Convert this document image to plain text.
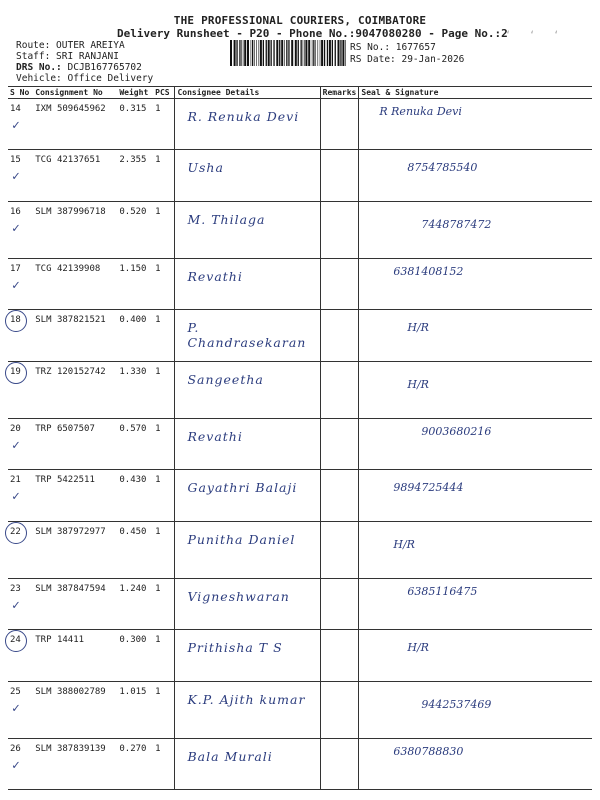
THE PROFESSIONAL COURIERS, COIMBATORE
Delivery Runsheet - P20 - Phone No.:9047080280 - Page No.:2
‘ ‘ ‘
Route: OUTER AREIYA
Staff: SRI RANJANI
DRS No.: DCJB167765702
Vehicle: Office Delivery
RS No.: 1677657
RS Date: 29-Jan-2026
S No	Consignment No	Weight	PCS	Consignee Details	Remarks	Seal & Signature
14	IXM 509645962	0.315	1	R. Renuka Devi		R Renuka Devi
15	TCG 42137651	2.355	1	Usha		8754785540
16	SLM 387996718	0.520	1	M. Thilaga		7448787472
17	TCG 42139908	1.150	1	Revathi		6381408152
18	SLM 387821521	0.400	1	P. Chandrasekaran		H/R
19	TRZ 120152742	1.330	1	Sangeetha		H/R
20	TRP 6507507	0.570	1	Revathi		9003680216
21	TRP 5422511	0.430	1	Gayathri Balaji		9894725444
22	SLM 387972977	0.450	1	Punitha Daniel		H/R
23	SLM 387847594	1.240	1	Vigneshwaran		6385116475
24	TRP 14411	0.300	1	Prithisha T S		H/R
25	SLM 388002789	1.015	1	K.P. Ajith kumar		9442537469
26	SLM 387839139	0.270	1	Bala Murali		6380788830
✓
✓
✓
✓
✓
✓
✓
✓
✓
